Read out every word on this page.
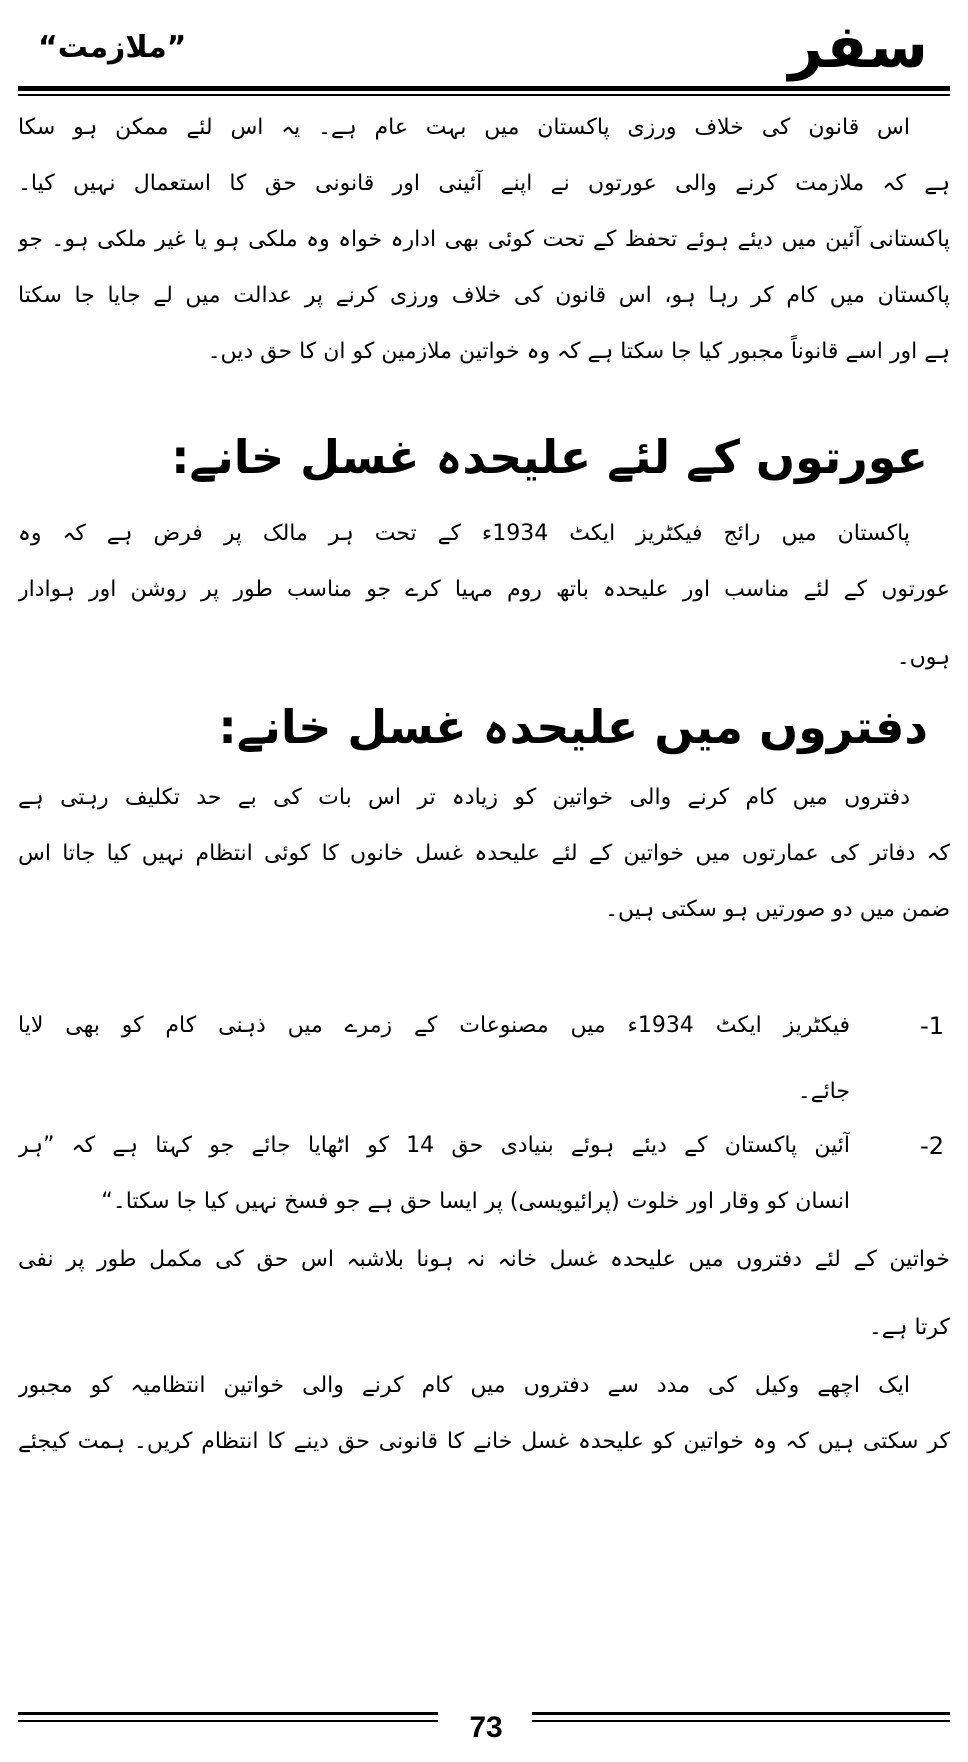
سفر
”ملازمت“
اس قانون کی خلاف ورزی پاکستان میں بہت عام ہے۔ یہ اس لئے ممکن ہو سکا
ہے کہ ملازمت کرنے والی عورتوں نے اپنے آئینی اور قانونی حق کا استعمال نہیں کیا۔
پاکستانی آئین میں دیئے ہوئے تحفظ کے تحت کوئی بھی ادارہ خواہ وہ ملکی ہو یا غیر ملکی ہو۔ جو
پاکستان میں کام کر رہا ہو، اس قانون کی خلاف ورزی کرنے پر عدالت میں لے جایا جا سکتا
ہے اور اسے قانوناً مجبور کیا جا سکتا ہے کہ وہ خواتین ملازمین کو ان کا حق دیں۔
عورتوں کے لئے علیحدہ غسل خانے:
پاکستان میں رائج فیکٹریز ایکٹ 1934ء کے تحت ہر مالک پر فرض ہے کہ وہ
عورتوں کے لئے مناسب اور علیحدہ باتھ روم مہیا کرے جو مناسب طور پر روشن اور ہوادار
ہوں۔
دفتروں میں علیحدہ غسل خانے:
دفتروں میں کام کرنے والی خواتین کو زیادہ تر اس بات کی بے حد تکلیف رہتی ہے
کہ دفاتر کی عمارتوں میں خواتین کے لئے علیحدہ غسل خانوں کا کوئی انتظام نہیں کیا جاتا اس
ضمن میں دو صورتیں ہو سکتی ہیں۔
-1
فیکٹریز ایکٹ 1934ء میں مصنوعات کے زمرے میں ذہنی کام کو بھی لایا
جائے۔
-2
آئین پاکستان کے دیئے ہوئے بنیادی حق 14 کو اٹھایا جائے جو کہتا ہے کہ ”ہر
انسان کو وقار اور خلوت (پرائیویسی) پر ایسا حق ہے جو فسخ نہیں کیا جا سکتا۔“
خواتین کے لئے دفتروں میں علیحدہ غسل خانہ نہ ہونا بلاشبہ اس حق کی مکمل طور پر نفی
کرتا ہے۔
ایک اچھے وکیل کی مدد سے دفتروں میں کام کرنے والی خواتین انتظامیہ کو مجبور
کر سکتی ہیں کہ وہ خواتین کو علیحدہ غسل خانے کا قانونی حق دینے کا انتظام کریں۔ ہمت کیجئے
73
